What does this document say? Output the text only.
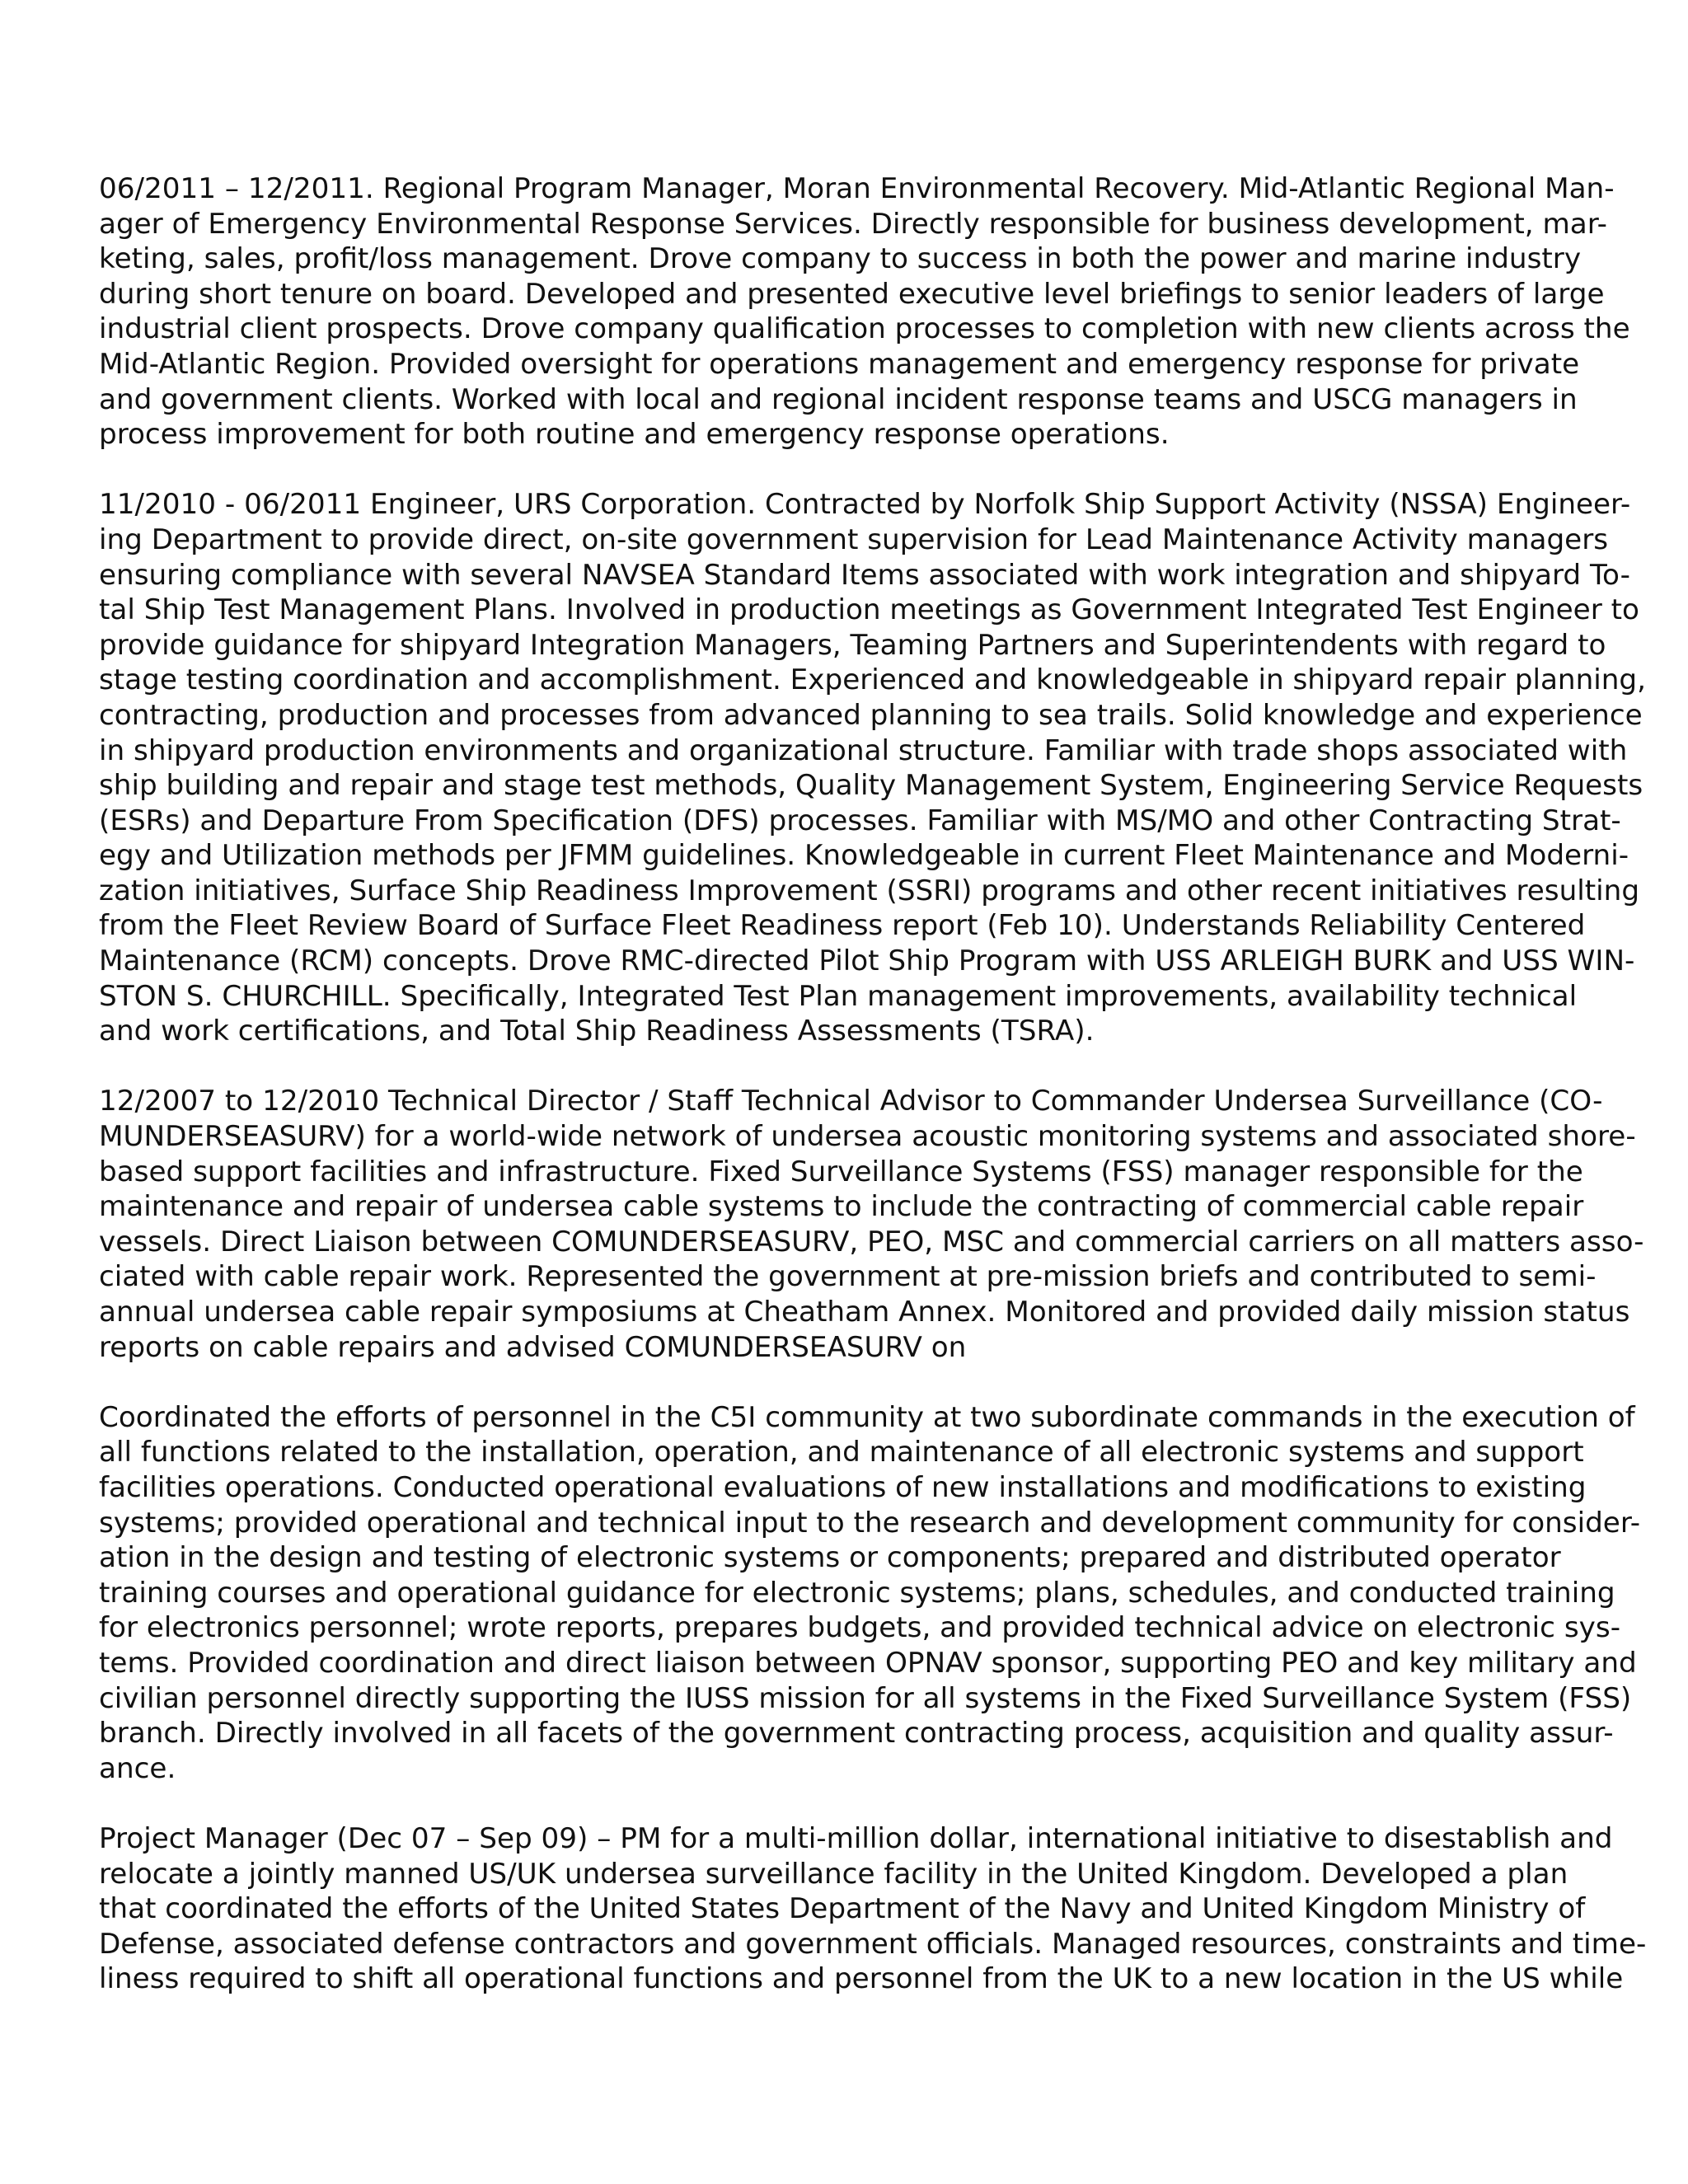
06/2011 – 12/2011. Regional Program Manager, Moran Environmental Recovery. Mid-Atlantic Regional Man-
ager of Emergency Environmental Response Services. Directly responsible for business development, mar-
keting, sales, profit/loss management. Drove company to success in both the power and marine industry
during short tenure on board. Developed and presented executive level briefings to senior leaders of large
industrial client prospects. Drove company qualification processes to completion with new clients across the
Mid-Atlantic Region. Provided oversight for operations management and emergency response for private
and government clients. Worked with local and regional incident response teams and USCG managers in
process improvement for both routine and emergency response operations.
11/2010 - 06/2011 Engineer, URS Corporation. Contracted by Norfolk Ship Support Activity (NSSA) Engineer-
ing Department to provide direct, on-site government supervision for Lead Maintenance Activity managers
ensuring compliance with several NAVSEA Standard Items associated with work integration and shipyard To-
tal Ship Test Management Plans. Involved in production meetings as Government Integrated Test Engineer to
provide guidance for shipyard Integration Managers, Teaming Partners and Superintendents with regard to
stage testing coordination and accomplishment. Experienced and knowledgeable in shipyard repair planning,
contracting, production and processes from advanced planning to sea trails. Solid knowledge and experience
in shipyard production environments and organizational structure. Familiar with trade shops associated with
ship building and repair and stage test methods, Quality Management System, Engineering Service Requests
(ESRs) and Departure From Specification (DFS) processes. Familiar with MS/MO and other Contracting Strat-
egy and Utilization methods per JFMM guidelines. Knowledgeable in current Fleet Maintenance and Moderni-
zation initiatives, Surface Ship Readiness Improvement (SSRI) programs and other recent initiatives resulting
from the Fleet Review Board of Surface Fleet Readiness report (Feb 10). Understands Reliability Centered
Maintenance (RCM) concepts. Drove RMC-directed Pilot Ship Program with USS ARLEIGH BURK and USS WIN-
STON S. CHURCHILL. Specifically, Integrated Test Plan management improvements, availability technical
and work certifications, and Total Ship Readiness Assessments (TSRA).
12/2007 to 12/2010 Technical Director / Staff Technical Advisor to Commander Undersea Surveillance (CO-
MUNDERSEASURV) for a world-wide network of undersea acoustic monitoring systems and associated shore-
based support facilities and infrastructure. Fixed Surveillance Systems (FSS) manager responsible for the
maintenance and repair of undersea cable systems to include the contracting of commercial cable repair
vessels. Direct Liaison between COMUNDERSEASURV, PEO, MSC and commercial carriers on all matters asso-
ciated with cable repair work. Represented the government at pre-mission briefs and contributed to semi-
annual undersea cable repair symposiums at Cheatham Annex. Monitored and provided daily mission status
reports on cable repairs and advised COMUNDERSEASURV on
Coordinated the efforts of personnel in the C5I community at two subordinate commands in the execution of
all functions related to the installation, operation, and maintenance of all electronic systems and support
facilities operations. Conducted operational evaluations of new installations and modifications to existing
systems; provided operational and technical input to the research and development community for consider-
ation in the design and testing of electronic systems or components; prepared and distributed operator
training courses and operational guidance for electronic systems; plans, schedules, and conducted training
for electronics personnel; wrote reports, prepares budgets, and provided technical advice on electronic sys-
tems. Provided coordination and direct liaison between OPNAV sponsor, supporting PEO and key military and
civilian personnel directly supporting the IUSS mission for all systems in the Fixed Surveillance System (FSS)
branch. Directly involved in all facets of the government contracting process, acquisition and quality assur-
ance.
Project Manager (Dec 07 – Sep 09) – PM for a multi-million dollar, international initiative to disestablish and
relocate a jointly manned US/UK undersea surveillance facility in the United Kingdom. Developed a plan
that coordinated the efforts of the United States Department of the Navy and United Kingdom Ministry of
Defense, associated defense contractors and government officials. Managed resources, constraints and time-
liness required to shift all operational functions and personnel from the UK to a new location in the US while
